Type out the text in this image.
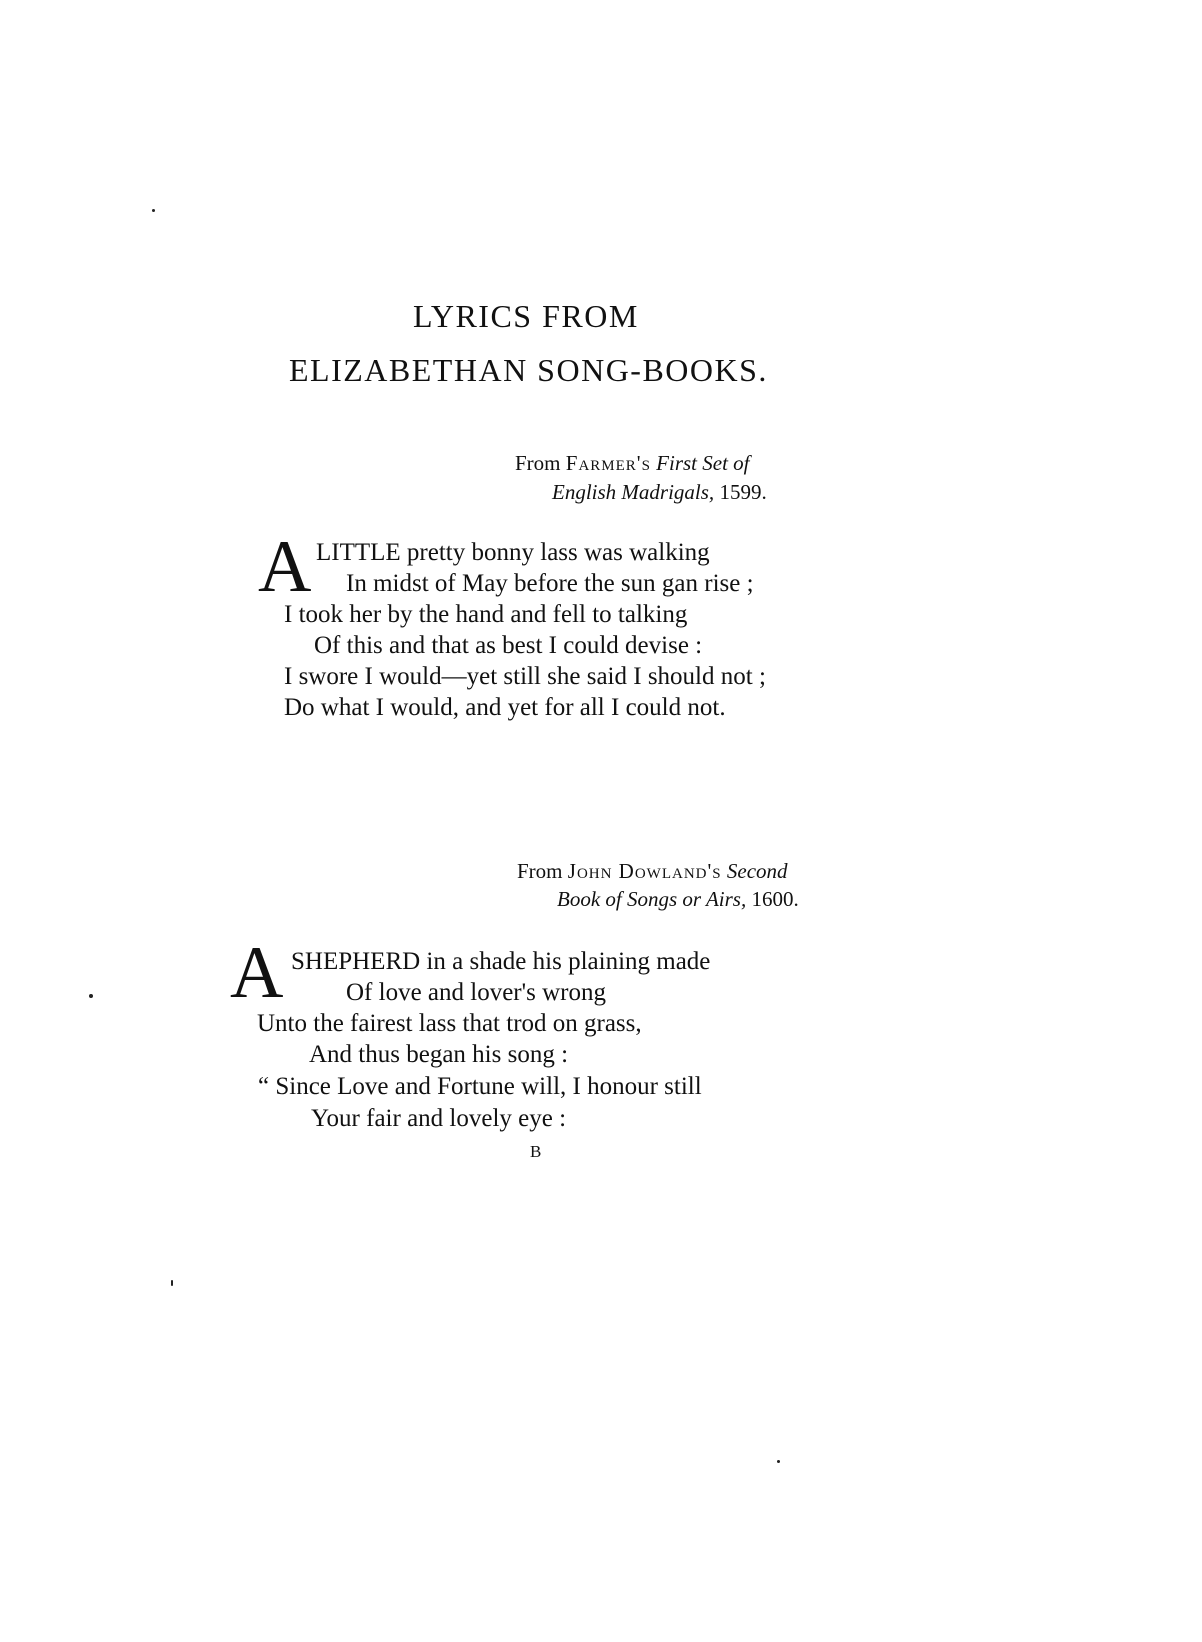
LYRICS FROM
ELIZABETHAN SONG-BOOKS.
From Farmer's First Set of
English Madrigals, 1599.
A LITTLE pretty bonny lass was walking
In midst of May before the sun gan rise ;
I took her by the hand and fell to talking
Of this and that as best I could devise :
I swore I would—yet still she said I should not ;
Do what I would, and yet for all I could not.
From John Dowland's Second
Book of Songs or Airs, 1600.
A SHEPHERD in a shade his plaining made
Of love and lover's wrong
Unto the fairest lass that trod on grass,
And thus began his song :
“ Since Love and Fortune will, I honour still
Your fair and lovely eye :
B
